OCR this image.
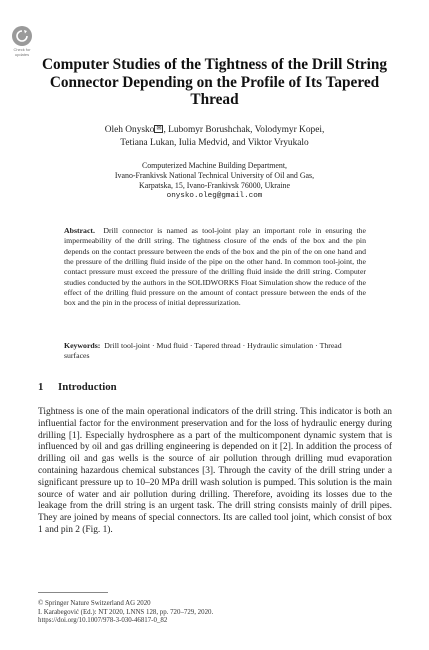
Check for
updates
Computer Studies of the Tightness of the Drill String Connector Depending on the Profile of Its Tapered Thread
Oleh Onysko ✉ , Lubomyr Borushchak, Volodymyr Kopei,
Tetiana Lukan, Iulia Medvid, and Viktor Vryukalo
Computerized Machine Building Department,
Ivano-Frankivsk National Technical University of Oil and Gas,
Karpatska, 15, Ivano-Frankivsk 76000, Ukraine
onysko.oleg@gmail.com
Abstract. Drill connector is named as tool-joint play an important role in ensuring the impermeability of the drill string. The tightness closure of the ends of the box and the pin depends on the contact pressure between the ends of the box and the pin of the on one hand and the pressure of the drilling fluid inside of the pipe on the other hand. In common tool-joint, the contact pressure must exceed the pressure of the drilling fluid inside the drill string. Computer studies conducted by the authors in the SOLIDWORKS Float Simulation show the reduce of the effect of the drilling fluid pressure on the amount of contact pressure between the ends of the box and the pin in the process of initial depressurization.
Keywords: Drill tool-joint · Mud fluid · Tapered thread · Hydraulic simulation · Thread surfaces
1 Introduction
Tightness is one of the main operational indicators of the drill string. This indicator is both an influential factor for the environment preservation and for the loss of hydraulic energy during drilling [1]. Especially hydrosphere as a part of the multicomponent dynamic system that is influenced by oil and gas drilling engineering is depended on it [2]. In addition the process of drilling oil and gas wells is the source of air pollution through drilling mud evaporation containing hazardous chemical substances [3]. Through the cavity of the drill string under a significant pressure up to 10–20 MPa drill wash solution is pumped. This solution is the main source of water and air pollution during drilling. Therefore, avoiding its losses due to the leakage from the drill string is an urgent task. The drill string consists mainly of drill pipes. They are joined by means of special connectors. Its are called tool joint, which consist of box 1 and pin 2 (Fig. 1).
© Springer Nature Switzerland AG 2020
I. Karabegović (Ed.): NT 2020, LNNS 128, pp. 720–729, 2020.
https://doi.org/10.1007/978-3-030-46817-0_82
